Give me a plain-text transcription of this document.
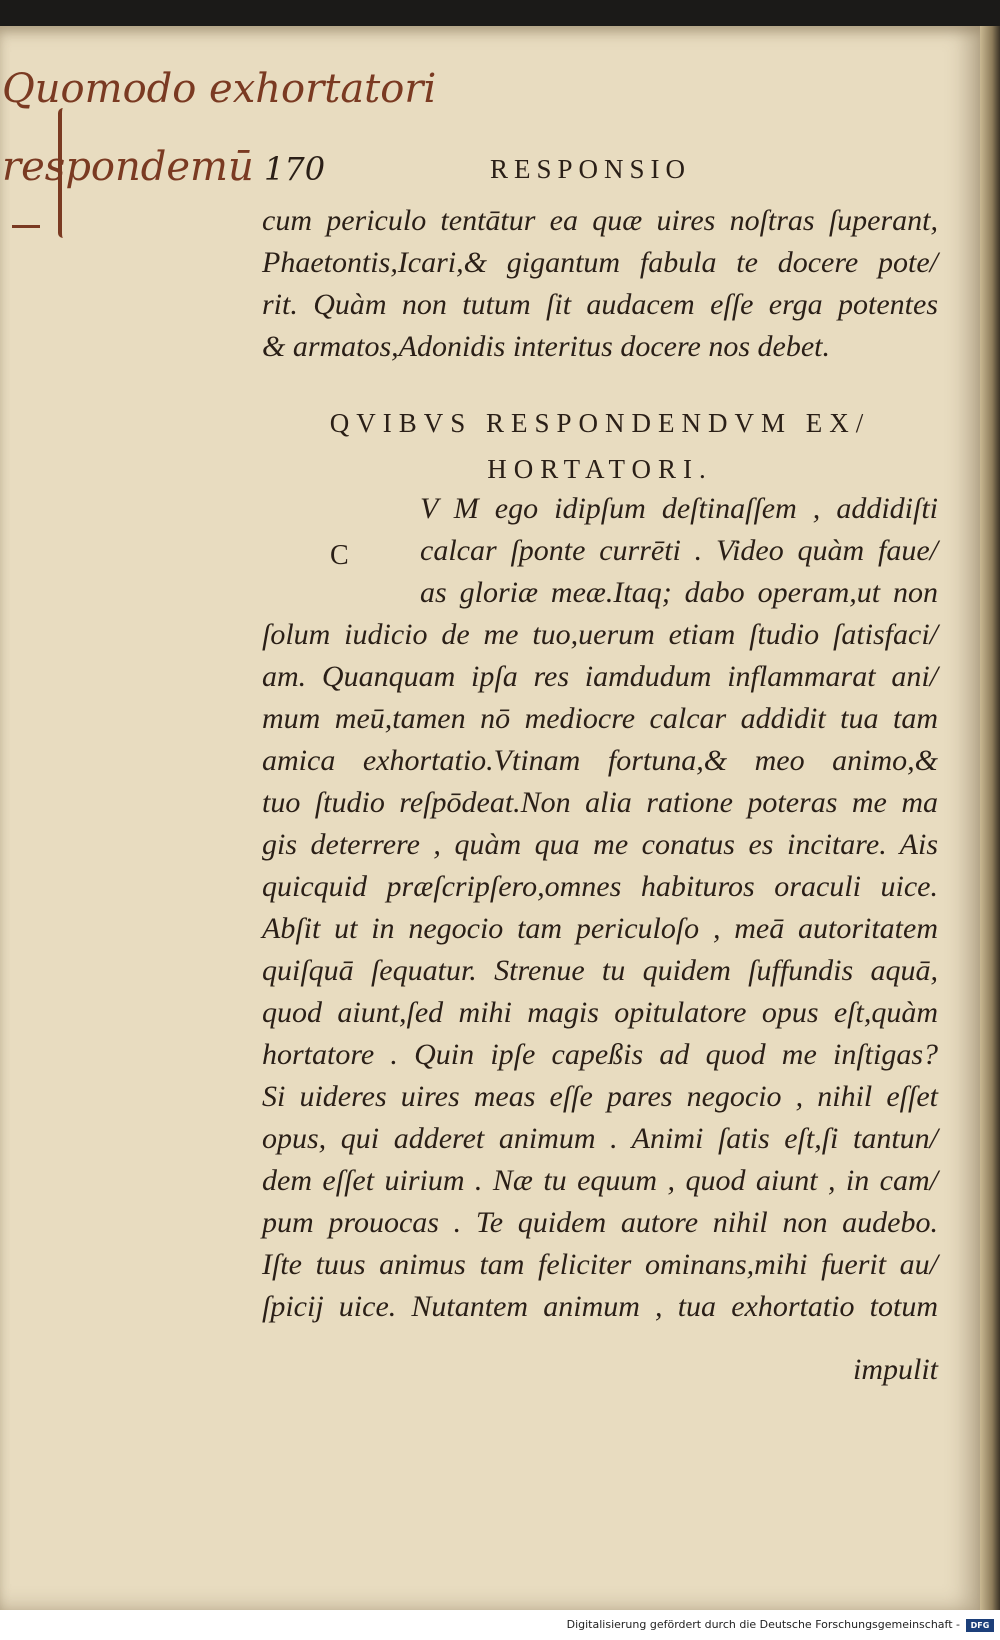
Quomodo exhortatori
respondemū 170	RESPONSIO
cum periculo tentātur ea quæ uires noſtras ſuperant,
Phaetontis,Icari,& gigantum fabula te docere pote/
rit. Quàm non tutum ſit audacem eſſe erga potentes
& armatos,Adonidis interitus docere nos debet.
QVIBVS RESPONDENDVM EX/
HORTATORI.
C
V M ego idipſum deſtinaſſem , addidiſti
calcar ſponte currēti . Video quàm faue/
as gloriæ meæ.Itaq; dabo operam,ut non
ſolum iudicio de me tuo,uerum etiam ſtudio ſatisfaci/
am. Quanquam ipſa res iamdudum inflammarat ani/
mum meū,tamen nō mediocre calcar addidit tua tam
amica exhortatio.Vtinam fortuna,& meo animo,&
tuo ſtudio reſpōdeat.Non alia ratione poteras me ma
gis deterrere , quàm qua me conatus es incitare. Ais
quicquid præſcripſero,omnes habituros oraculi uice.
Abſit ut in negocio tam periculoſo , meā autoritatem
quiſquā ſequatur. Strenue tu quidem ſuffundis aquā,
quod aiunt,ſed mihi magis opitulatore opus eſt,quàm
hortatore . Quin ipſe capeßis ad quod me inſtigas?
Si uideres uires meas eſſe pares negocio , nihil eſſet
opus, qui adderet animum . Animi ſatis eſt,ſi tantun/
dem eſſet uirium . Næ tu equum , quod aiunt , in cam/
pum prouocas . Te quidem autore nihil non audebo.
Iſte tuus animus tam feliciter ominans,mihi fuerit au/
ſpicij uice. Nutantem animum , tua exhortatio totum
impulit
Digitalisierung gefördert durch die Deutsche Forschungsgemeinschaft -	DFG
